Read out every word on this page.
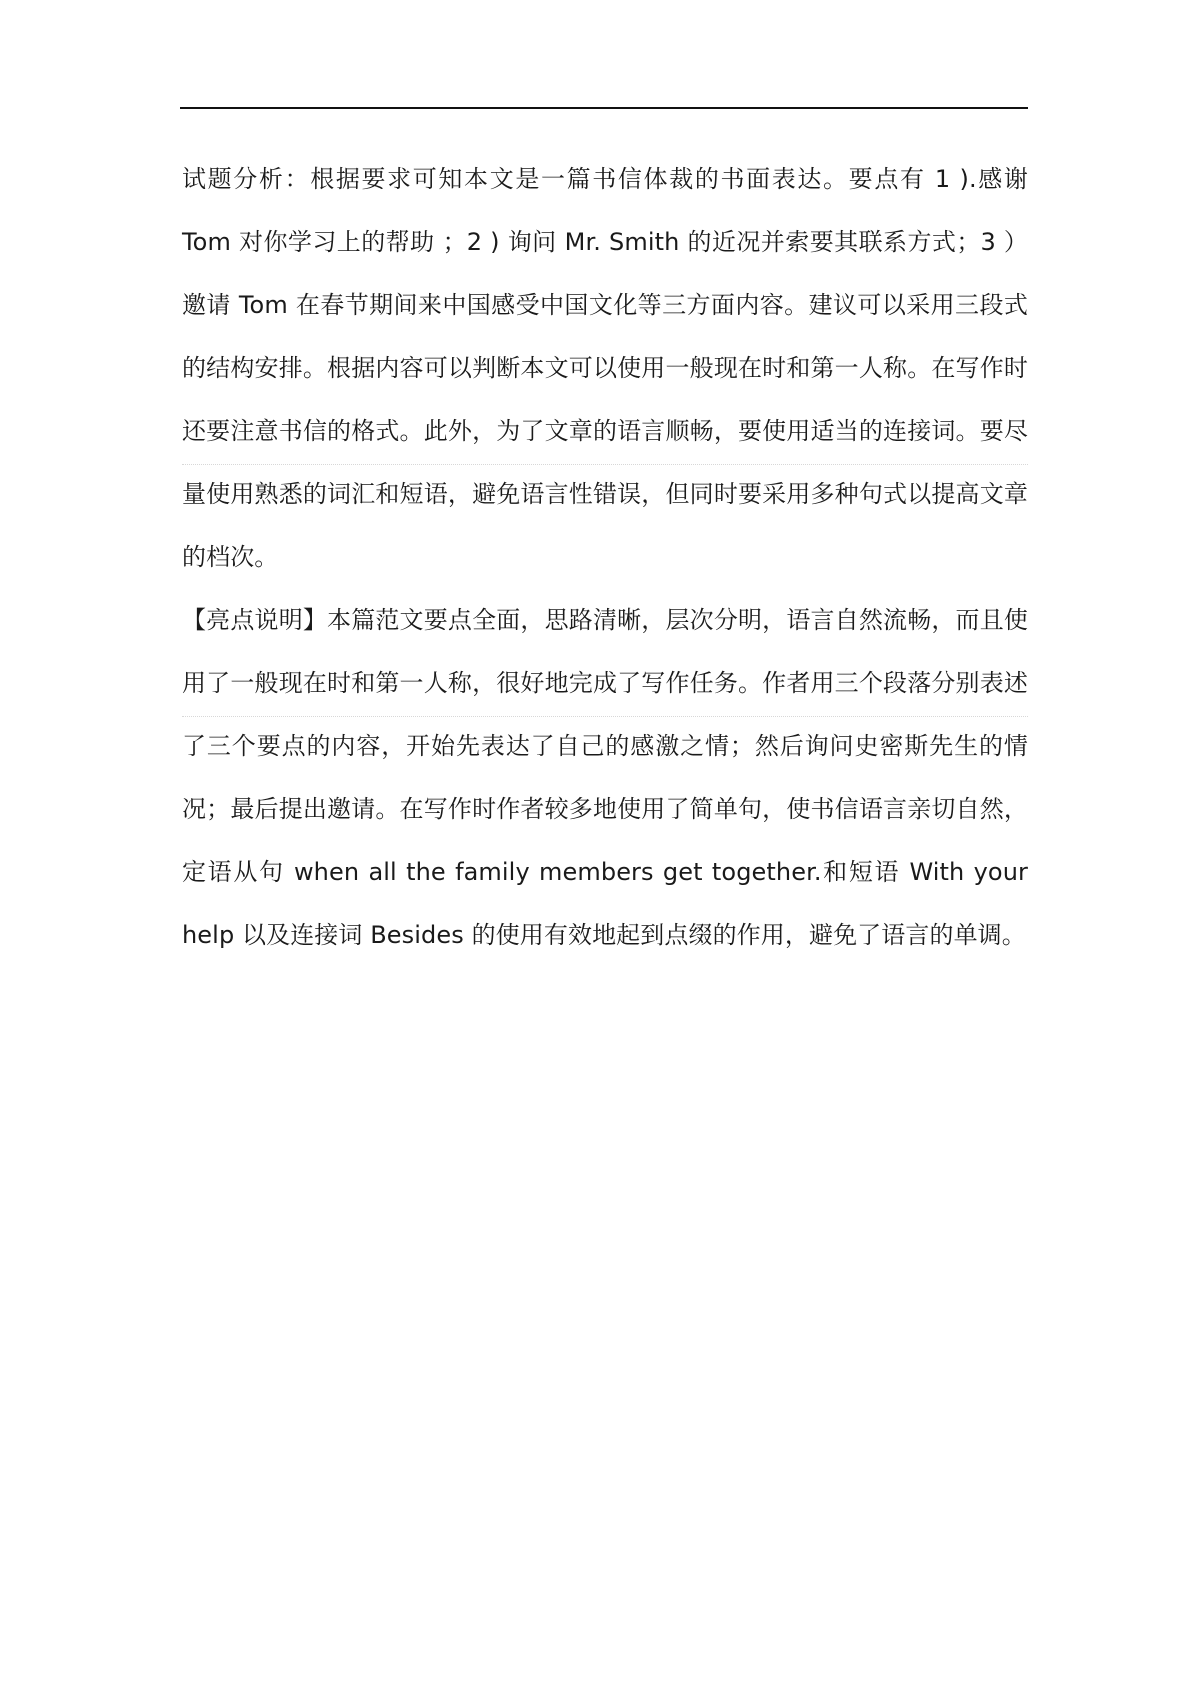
试题分析：根据要求可知本文是一篇书信体裁的书面表达。要点有 1 ).感谢 Tom 对你学习上的帮助 ；2 ) 询问 Mr. Smith 的近况并索要其联系方式；3 ） 邀请 Tom 在春节期间来中国感受中国文化等三方面内容。建议可以采用三段式的结构安排。根据内容可以判断本文可以使用一般现在时和第一人称。在写作时还要注意书信的格式。此外，为了文章的语言顺畅，要使用适当的连接词。要尽量使用熟悉的词汇和短语，避免语言性错误，但同时要采用多种句式以提高文章的档次。

【亮点说明】本篇范文要点全面，思路清晰，层次分明，语言自然流畅，而且使用了一般现在时和第一人称，很好地完成了写作任务。作者用三个段落分别表述了三个要点的内容，开始先表达了自己的感激之情；然后询问史密斯先生的情况；最后提出邀请。在写作时作者较多地使用了简单句，使书信语言亲切自然，定语从句 when all the family members get together.和短语 With your help 以及连接词 Besides 的使用有效地起到点缀的作用，避免了语言的单调。
